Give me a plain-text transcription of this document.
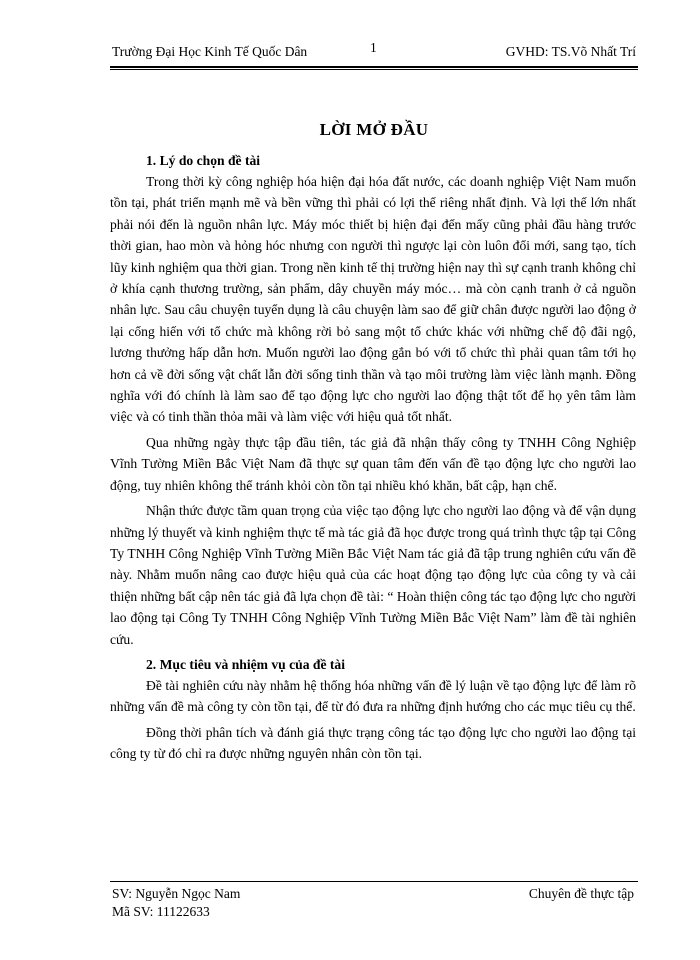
Trường Đại Học Kinh Tế Quốc Dân	1	GVHD: TS.Võ Nhất Trí
LỜI MỞ ĐẦU
1. Lý do chọn đề tài

Trong thời kỳ công nghiệp hóa hiện đại hóa đất nước, các doanh nghiệp Việt Nam muốn tồn tại, phát triển mạnh mẽ và bền vững thì phải có lợi thế riêng nhất định. Và lợi thế lớn nhất phải nói đến là nguồn nhân lực. Máy móc thiết bị hiện đại đến mấy cũng phải đầu hàng trước thời gian, hao mòn và hỏng hóc nhưng con người thì ngược lại còn luôn đổi mới, sang tạo, tích lũy kinh nghiệm qua thời gian. Trong nền kinh tế thị trường hiện nay thì sự cạnh tranh không chỉ ở khía cạnh thương trường, sản phẩm, dây chuyền máy móc… mà còn cạnh tranh ở cả nguồn nhân lực. Sau câu chuyện tuyển dụng là câu chuyện làm sao để giữ chân được người lao động ở lại cống hiến với tổ chức mà không rời bỏ sang một tổ chức khác với những chế độ đãi ngộ, lương thưởng hấp dẫn hơn. Muốn người lao động gắn bó với tổ chức thì phải quan tâm tới họ hơn cả về đời sống vật chất lẫn đời sống tinh thần và tạo môi trường làm việc lành mạnh. Đồng nghĩa với đó chính là làm sao để tạo động lực cho người lao động thật tốt để họ yên tâm làm việc và có tinh thần thỏa mãi và làm việc với hiệu quả tốt nhất.

Qua những ngày thực tập đầu tiên, tác giả đã nhận thấy công ty TNHH Công Nghiệp Vĩnh Tường Miền Bắc Việt Nam đã thực sự quan tâm đến vấn đề tạo động lực cho người lao động, tuy nhiên không thể tránh khỏi còn tồn tại nhiều khó khăn, bất cập, hạn chế.

Nhận thức được tầm quan trọng của việc tạo động lực cho người lao động và để vận dụng những lý thuyết và kinh nghiệm thực tế mà tác giả đã học được trong quá trình thực tập tại Công Ty TNHH Công Nghiệp Vĩnh Tường Miền Bắc Việt Nam tác giả đã tập trung nghiên cứu vấn đề này. Nhằm muốn nâng cao được hiệu quả của các hoạt động tạo động lực của công ty và cải thiện những bất cập nên tác giả đã lựa chọn đề tài: “ Hoàn thiện công tác tạo động lực cho người lao động tại Công Ty TNHH Công Nghiệp Vĩnh Tường Miền Bắc Việt Nam” làm đề tài nghiên cứu.

2. Mục tiêu và nhiệm vụ của đề tài

Đề tài nghiên cứu này nhằm hệ thống hóa những vấn đề lý luận về tạo động lực để làm rõ những vấn đề mà công ty còn tồn tại, để từ đó đưa ra những định hướng cho các mục tiêu cụ thể.

Đồng thời phân tích và đánh giá thực trạng công tác tạo động lực cho người lao động tại công ty từ đó chỉ ra được những nguyên nhân còn tồn tại.

SV: Nguyễn Ngọc Nam
Mã SV: 11122633
Chuyên đề thực tập
